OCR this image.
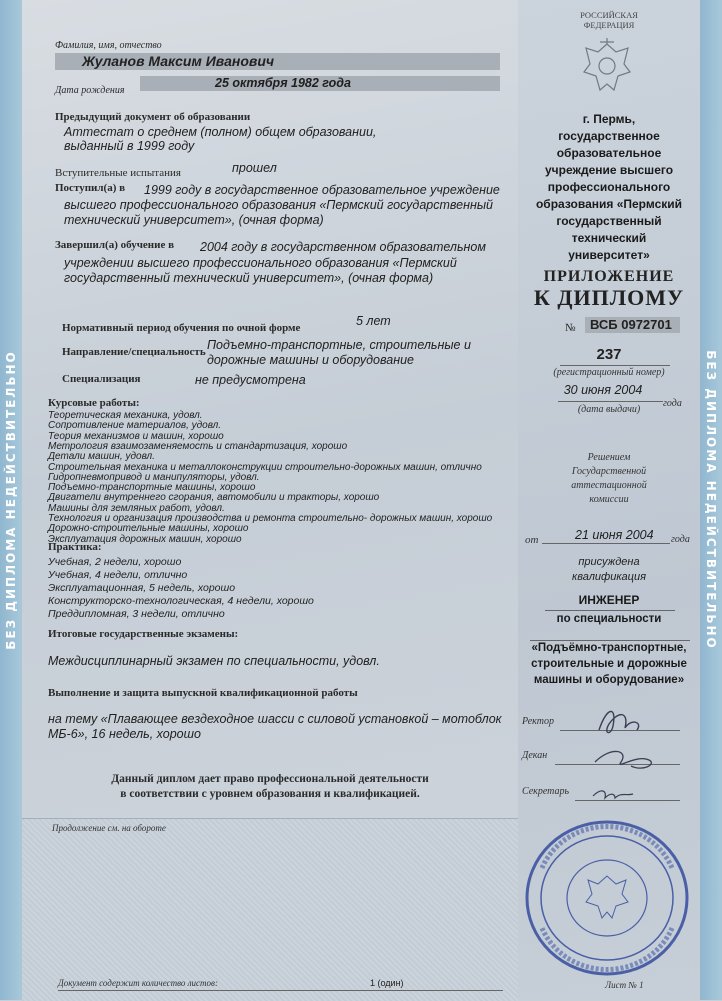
БЕЗ ДИПЛОМА НЕДЕЙСТВИТЕЛЬНО	БЕЗ ДИПЛОМА НЕДЕЙСТВИТЕЛЬНО
Фамилия, имя, отчество
Жуланов Максим Иванович
25 октября 1982 года
Дата рождения
Предыдущий документ об образовании
Аттестат о среднем (полном) общем образовании,
выданный в 1999 году
Вступительные испытания	прошел
Поступил(а) в 1999 году в государственное образовательное учреждение
высшего профессионального образования «Пермский государственный
технический университет», (очная форма)
Завершил(а) обучение в 2004 году в государственном образовательном
учреждении высшего профессионального образования «Пермский
государственный технический университет», (очная форма)
Нормативный период обучения по очной форме	5 лет
Направление/специальность Подъемно-транспортные, строительные и
дорожные машины и оборудование
Специализация	не предусмотрена
Курсовые работы:
Практика:
Итоговые государственные экзамены:
Междисциплинарный экзамен по специальности, удовл.
Выполнение и защита выпускной квалификационной работы
на тему «Плавающее вездеходное шасси с силовой установкой – мотоблок
МБ-6», 16 недель, хорошо
Данный диплом дает право профессиональной деятельности
в соответствии с уровнем образования и квалификацией.
Продолжение см. на обороте
Документ содержит количество листов:	1 (один)
РОССИЙСКАЯ
ФЕДЕРАЦИЯ
г. Пермь,
государственное
образовательное
учреждение высшего
профессионального
образования «Пермский
государственный
технический
университет»
ПРИЛОЖЕНИЕ
К ДИПЛОМУ
№ ВСБ 0972701
237
(регистрационный номер)
30 июня 2004
года
(дата выдачи)
Решением
Государственной
аттестационной
комиссии
от	21 июня 2004 года
присуждена
квалификация
ИНЖЕНЕР
по специальности
«Подъёмно-транспортные,
строительные и дорожные
машины и оборудование»
Ректор
Декан
Секретарь
Лист № 1
Теоретическая механика, удовл.
Сопротивление материалов, удовл.
Теория механизмов и машин, хорошо
Метрология взаимозаменяемость и стандартизация, хорошо
Детали машин, удовл.
Строительная механика и металлоконструкции строительно-дорожных машин, отлично
Гидропневмопривод и манипуляторы, удовл.
Подъемно-транспортные машины, хорошо
Двигатели внутреннего сгорания, автомобили и тракторы, хорошо
Машины для земляных работ, удовл.
Технология и организация производства и ремонта строительно- дорожных машин, хорошо
Дорожно-строительные машины, хорошо
Эксплуатация дорожных машин, хорошо
Учебная, 2 недели, хорошо
Учебная, 4 недели, отлично
Эксплуатационная, 5 недель, хорошо
Конструкторско-технологическая, 4 недели, хорошо
Преддипломная, 3 недели, отлично
